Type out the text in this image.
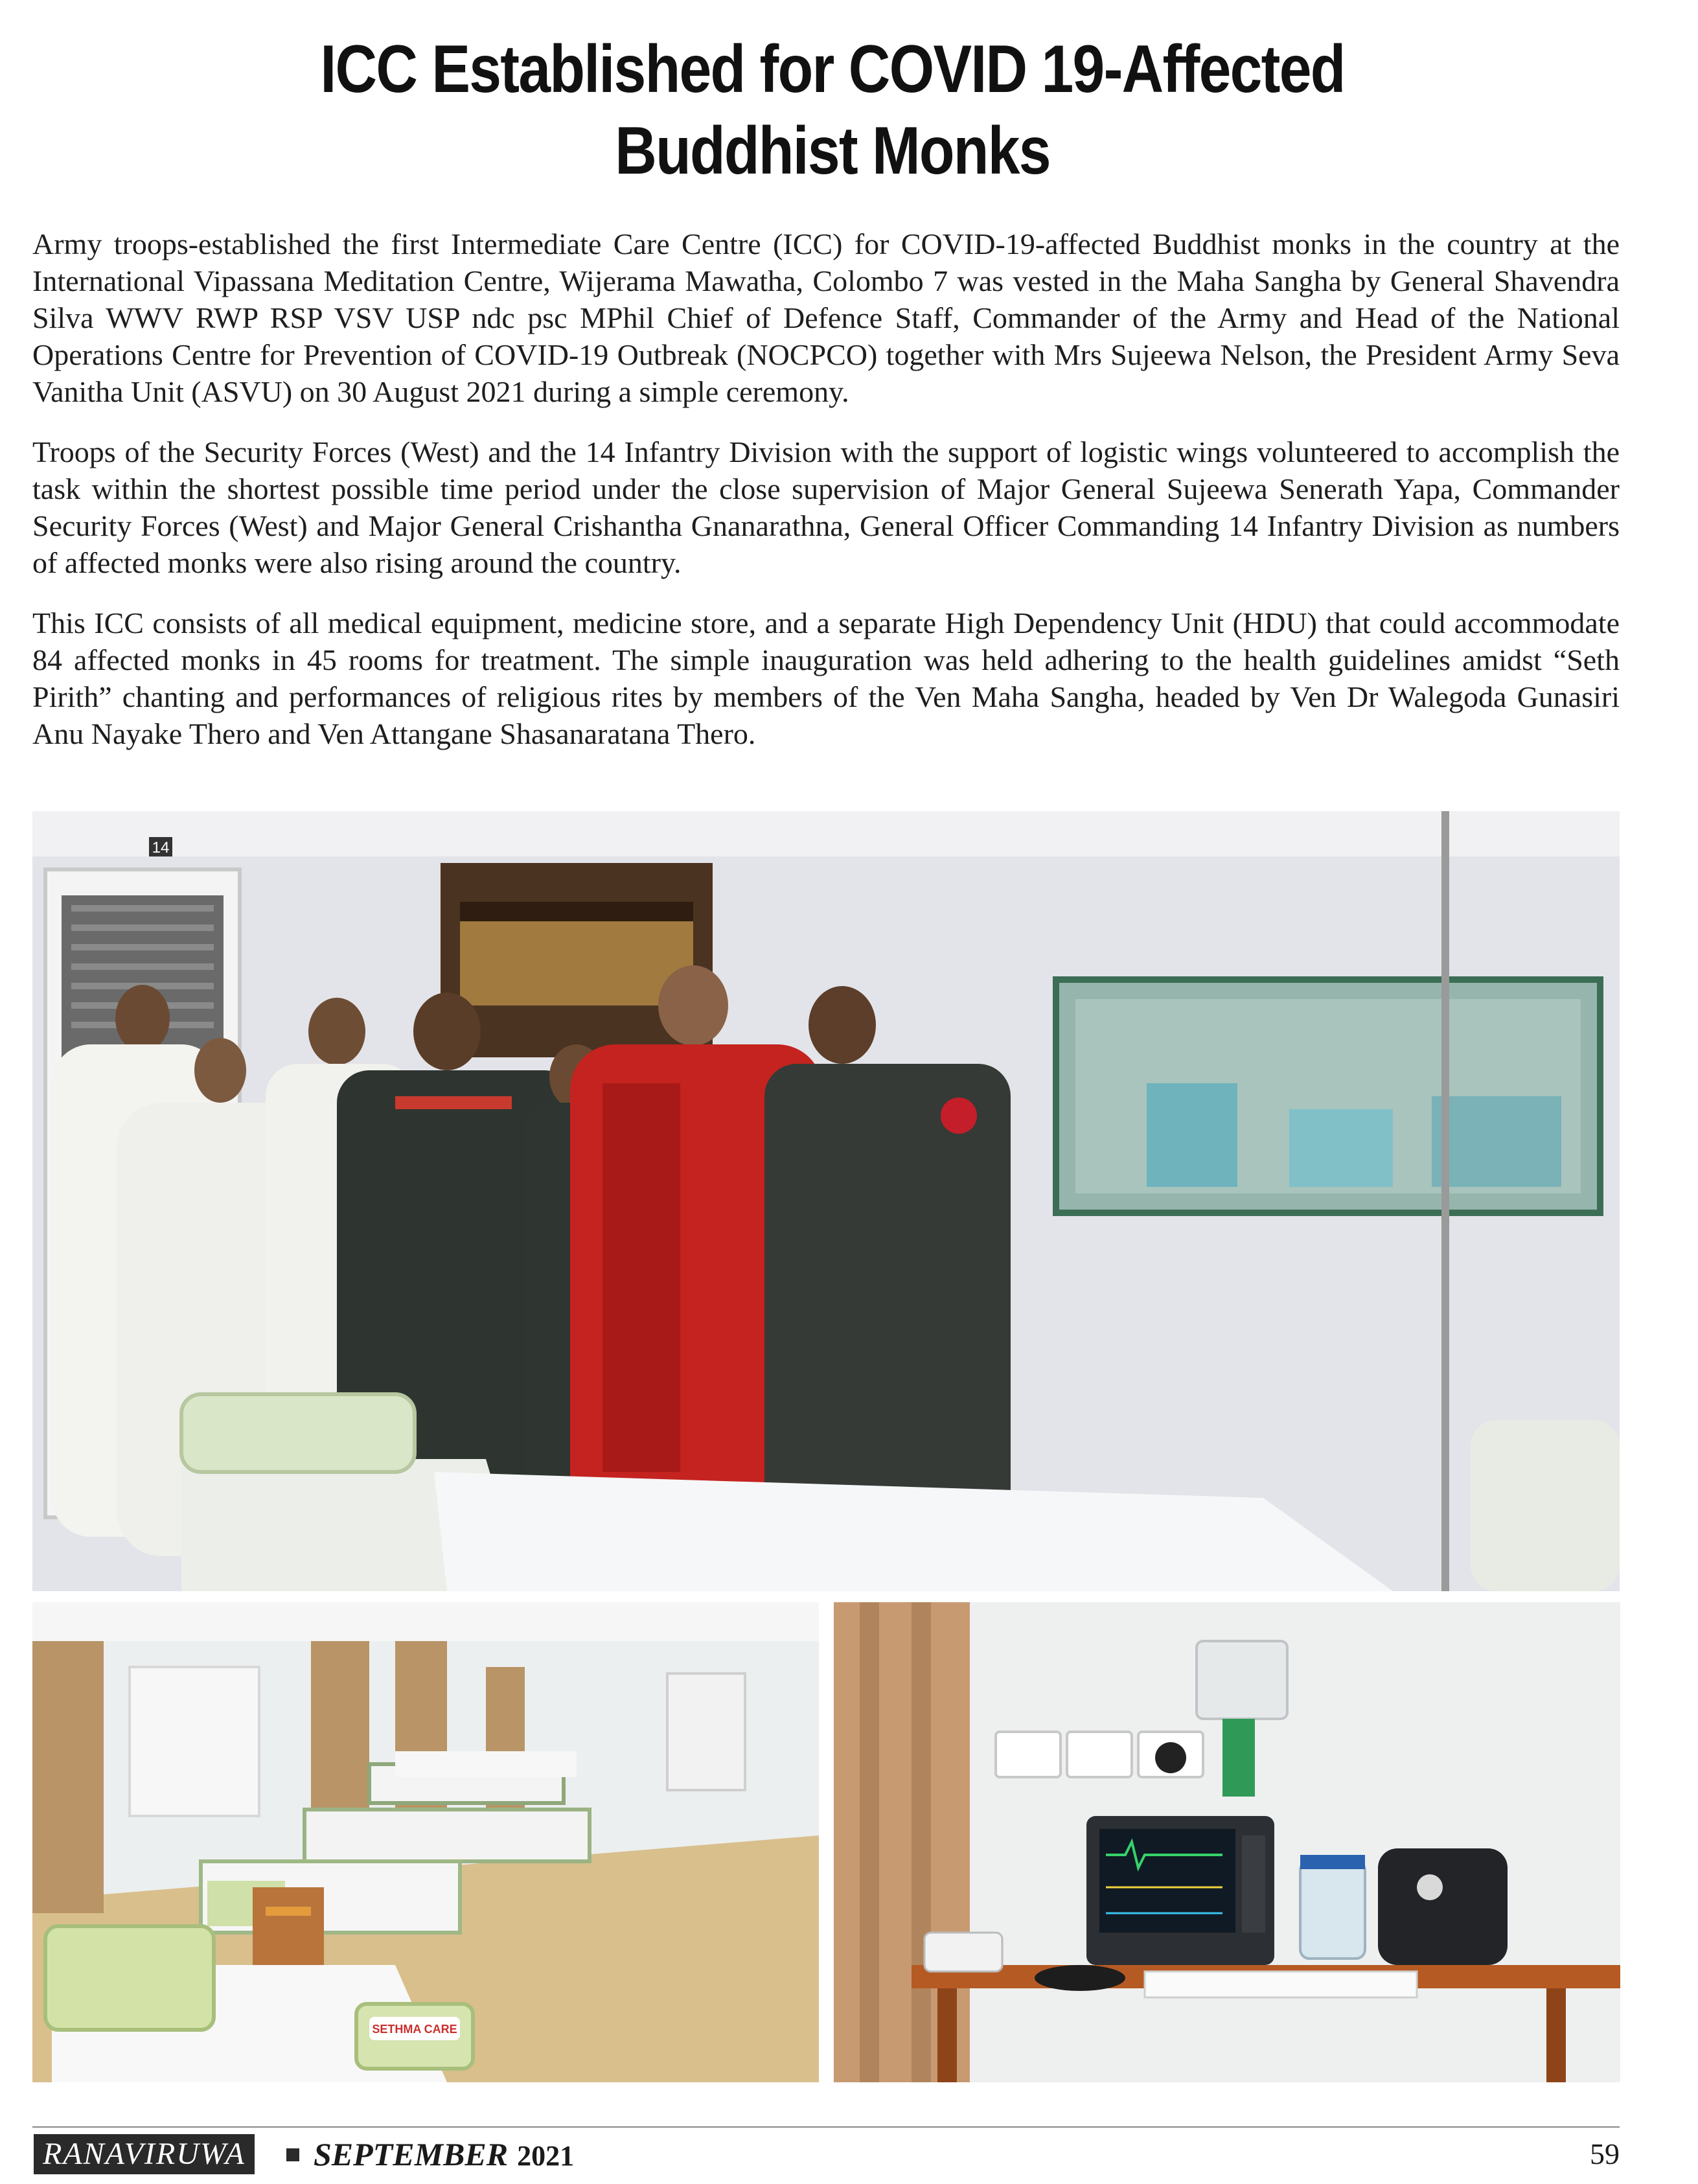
ICC Established for COVID 19-Affected
Buddhist Monks

Army troops-established the first Intermediate Care Centre (ICC) for COVID-19-affected Buddhist monks in the country at the International Vipassana Meditation Centre, Wijerama Mawatha, Colombo 7 was vested in the Maha Sangha by General Shavendra Silva WWV RWP RSP VSV USP ndc psc MPhil Chief of Defence Staff, Commander of the Army and Head of the National Operations Centre for Prevention of COVID-19 Outbreak (NOCPCO) together with Mrs Sujeewa Nelson, the President Army Seva Vanitha Unit (ASVU) on 30 August 2021 during a simple ceremony.

Troops of the Security Forces (West) and the 14 Infantry Division with the support of logistic wings volunteered to accomplish the task within the shortest possible time period under the close supervision of Major General Sujeewa Senerath Yapa, Commander Security Forces (West) and Major General Crishantha Gnanarathna, General Officer Commanding 14 Infantry Division as numbers of affected monks were also rising around the country.

This ICC consists of all medical equipment, medicine store, and a separate High Dependency Unit (HDU) that could accommodate 84 affected monks in 45 rooms for treatment. The simple inauguration was held adhering to the health guidelines amidst “Seth Pirith” chanting and performances of religious rites by members of the Ven Maha Sangha, headed by Ven Dr Walegoda Gunasiri Anu Nayake Thero and Ven Attangane Shasanaratana Thero.

14
SETHMA CARE
RANAVIRUWA SEPTEMBER 2021	59
